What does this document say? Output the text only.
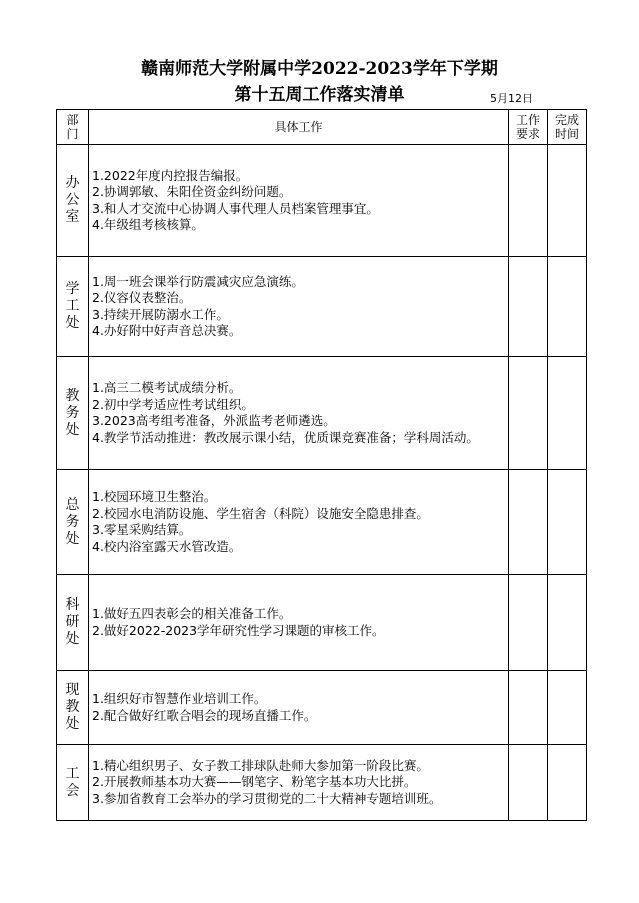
赣南师范大学附属中学2022-2023学年下学期
第十五周工作落实清单	5月12日
部门	具体工作	工作要求	完成时间

办公室	1.2022年度内控报告编报。
2.协调郭敏、朱阳佺资金纠纷问题。
3.和人才交流中心协调人事代理人员档案管理事宜。
4.年级组考核核算。		

学工处	1.周一班会课举行防震减灾应急演练。
2.仪容仪表整治。
3.持续开展防溺水工作。
4.办好附中好声音总决赛。		

教务处	1.高三二模考试成绩分析。
2.初中学考适应性考试组织。
3.2023高考组考准备，外派监考老师遴选。
4.教学节活动推进：教改展示课小结，优质课竞赛准备；学科周活动。		

总务处	1.校园环境卫生整治。
2.校园水电消防设施、学生宿舍（科院）设施安全隐患排查。
3.零星采购结算。
4.校内浴室露天水管改造。		

科研处	1.做好五四表彰会的相关准备工作。
2.做好2022-2023学年研究性学习课题的审核工作。		

现教处	1.组织好市智慧作业培训工作。
2.配合做好红歌合唱会的现场直播工作。		

工会	1.精心组织男子、女子教工排球队赴师大参加第一阶段比赛。
2.开展教师基本功大赛——钢笔字、粉笔字基本功大比拼。
3.参加省教育工会举办的学习贯彻党的二十大精神专题培训班。		
